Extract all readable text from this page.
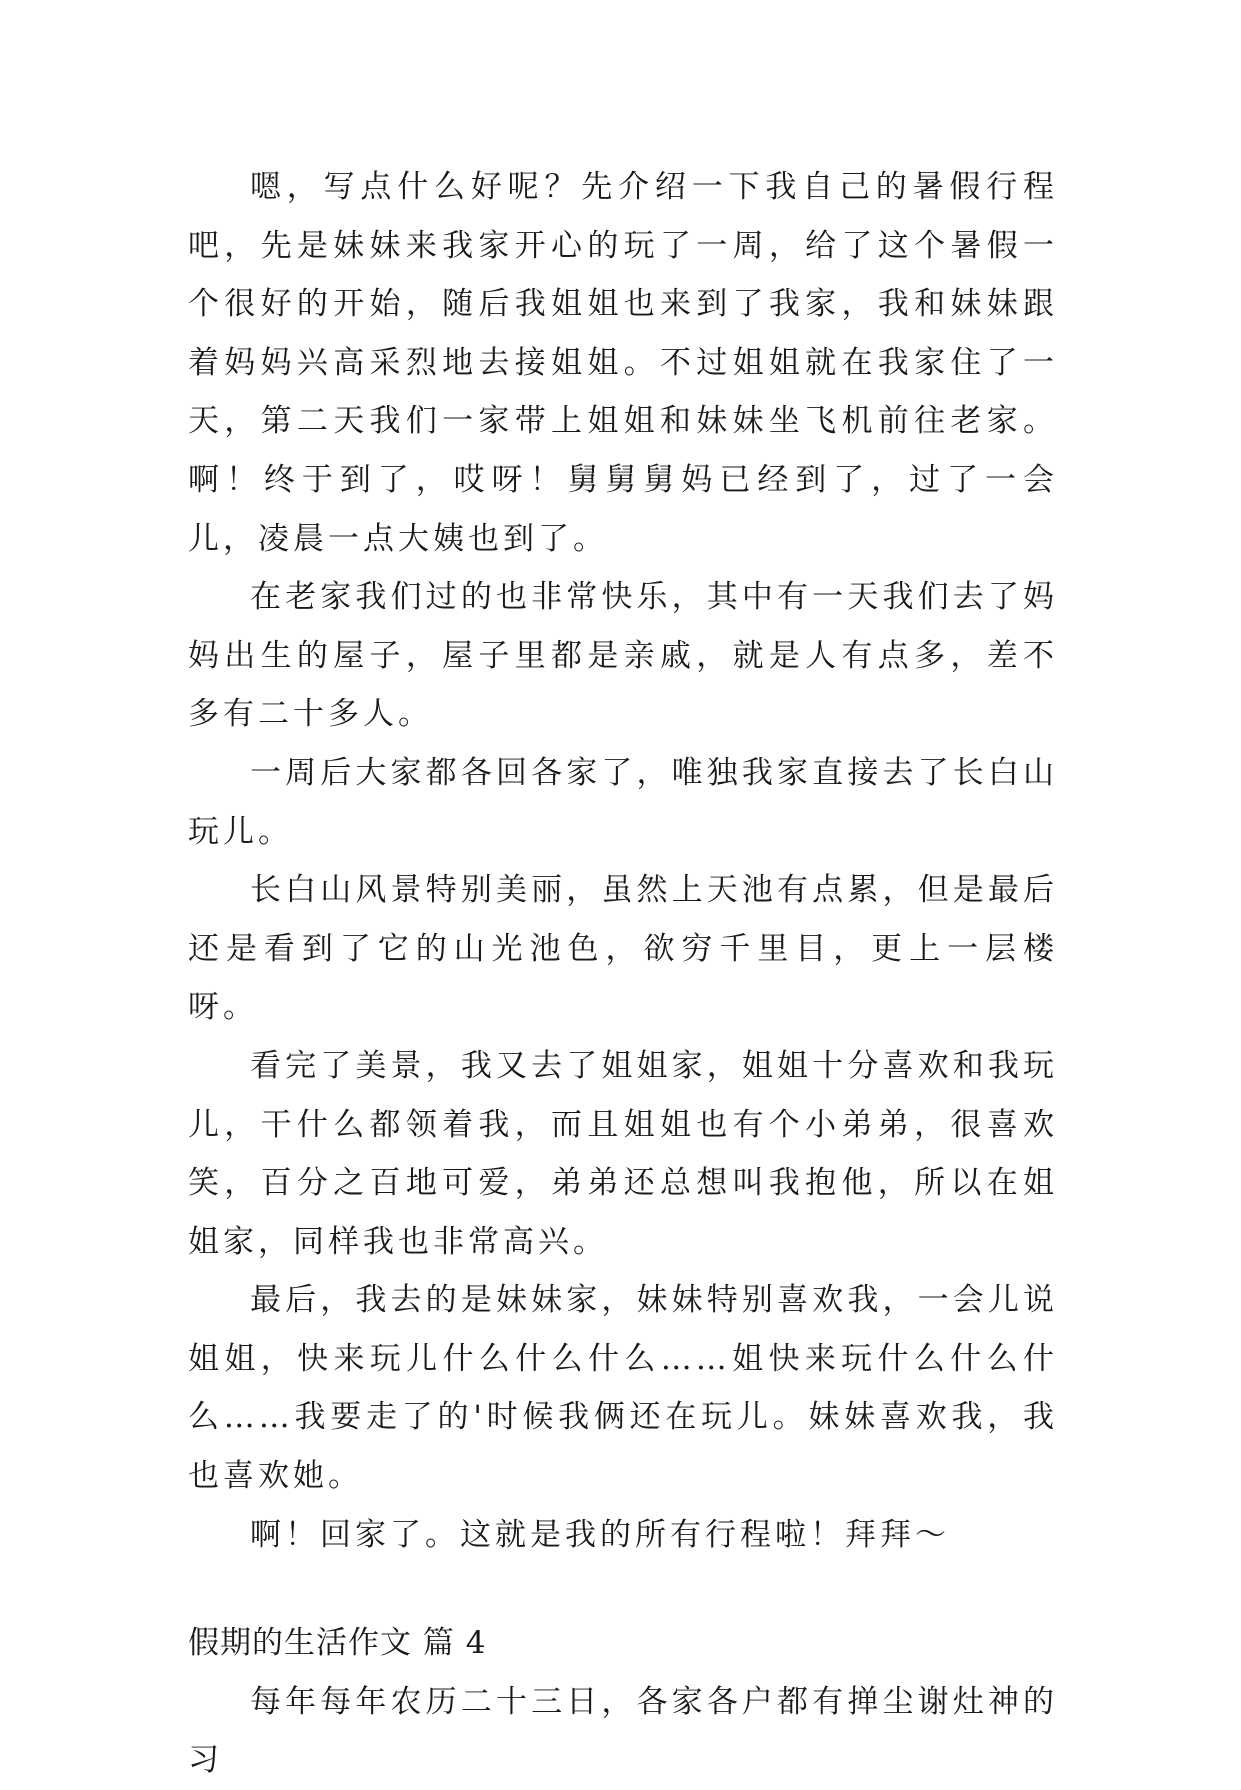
嗯，写点什么好呢？先介绍一下我自己的暑假行程吧，先是妹妹来我家开心的玩了一周，给了这个暑假一个很好的开始，随后我姐姐也来到了我家，我和妹妹跟着妈妈兴高采烈地去接姐姐。不过姐姐就在我家住了一天，第二天我们一家带上姐姐和妹妹坐飞机前往老家。啊！终于到了，哎呀！舅舅舅妈已经到了，过了一会儿，凌晨一点大姨也到了。

在老家我们过的也非常快乐，其中有一天我们去了妈妈出生的屋子，屋子里都是亲戚，就是人有点多，差不多有二十多人。

一周后大家都各回各家了，唯独我家直接去了长白山玩儿。

长白山风景特别美丽，虽然上天池有点累，但是最后还是看到了它的山光池色，欲穷千里目，更上一层楼呀。

看完了美景，我又去了姐姐家，姐姐十分喜欢和我玩儿，干什么都领着我，而且姐姐也有个小弟弟，很喜欢笑，百分之百地可爱，弟弟还总想叫我抱他，所以在姐姐家，同样我也非常高兴。

最后，我去的是妹妹家，妹妹特别喜欢我，一会儿说姐姐，快来玩儿什么什么什么……姐快来玩什么什么什么……我要走了的'时候我俩还在玩儿。妹妹喜欢我，我也喜欢她。

啊！回家了。这就是我的所有行程啦！拜拜～

假期的生活作文 篇 4

每年每年农历二十三日，各家各户都有掸尘谢灶神的习
